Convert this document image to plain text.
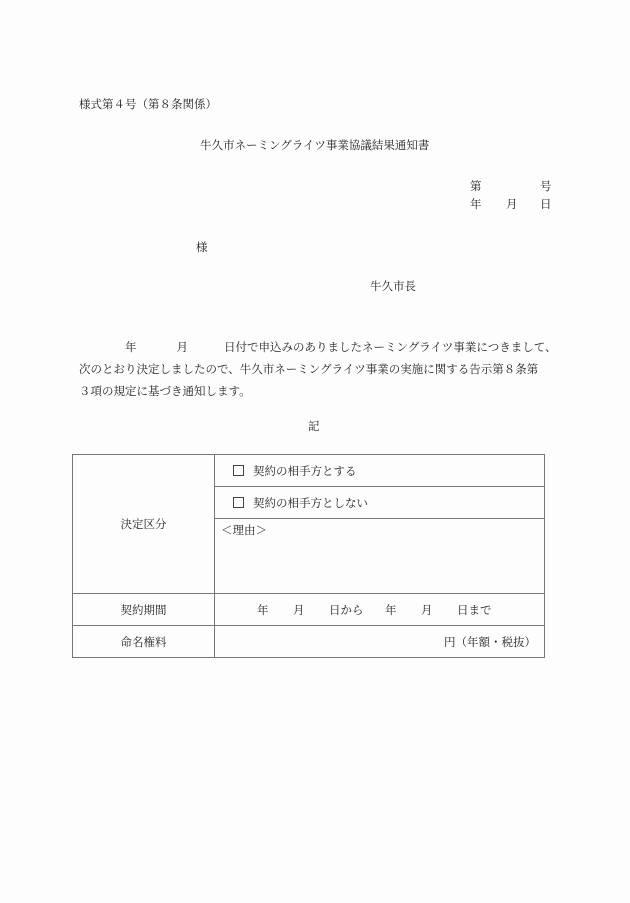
様式第４号（第８条関係）
牛久市ネーミングライツ事業協議結果通知書
第	号
年 月 日
様
牛久市長

年	月	日付で申込みのありましたネーミングライツ事業につきまして、

次のとおり決定しましたので、牛久市ネーミングライツ事業の実施に関する告示第８条第

３項の規定に基づき通知します。

記
決定区分	契約の相手方とする
	契約の相手方としない
	＜理由＞
契約期間	年 月 日から 年 月 日まで

命名権料	円（年額・税抜）
